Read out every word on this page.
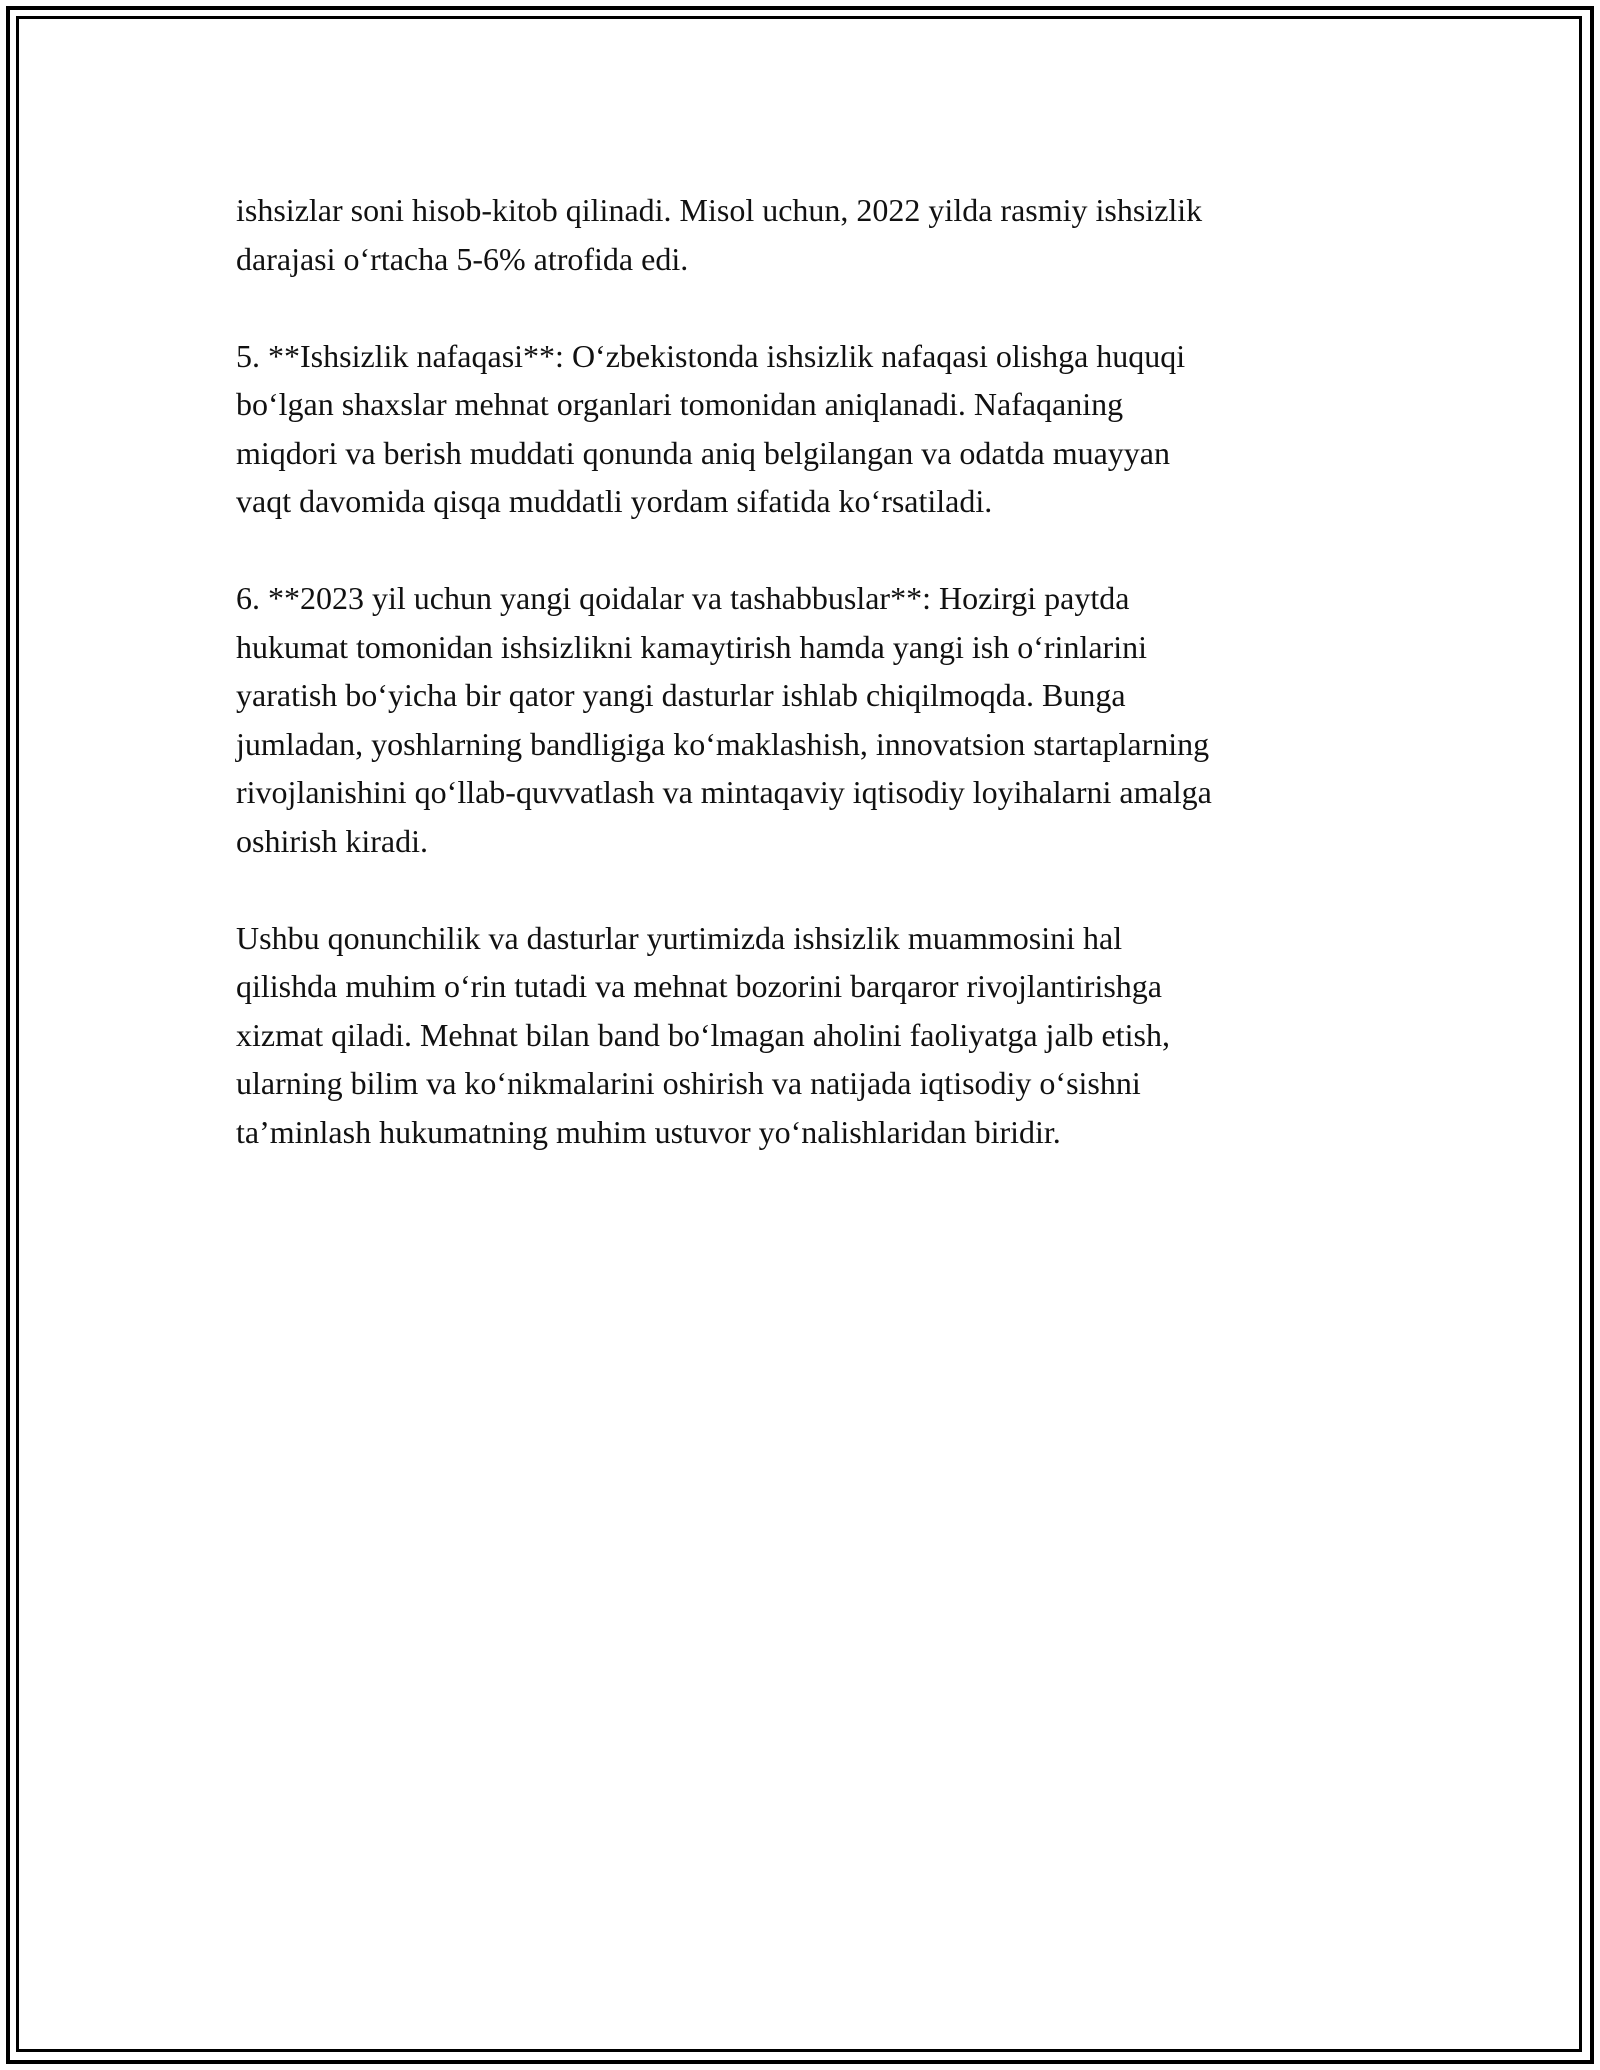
ishsizlar soni hisob-kitob qilinadi. Misol uchun, 2022 yilda rasmiy ishsizlik
darajasi o‘rtacha 5-6% atrofida edi.

5. **Ishsizlik nafaqasi**: O‘zbekistonda ishsizlik nafaqasi olishga huquqi
bo‘lgan shaxslar mehnat organlari tomonidan aniqlanadi. Nafaqaning
miqdori va berish muddati qonunda aniq belgilangan va odatda muayyan
vaqt davomida qisqa muddatli yordam sifatida ko‘rsatiladi.

6. **2023 yil uchun yangi qoidalar va tashabbuslar**: Hozirgi paytda
hukumat tomonidan ishsizlikni kamaytirish hamda yangi ish o‘rinlarini
yaratish bo‘yicha bir qator yangi dasturlar ishlab chiqilmoqda. Bunga
jumladan, yoshlarning bandligiga ko‘maklashish, innovatsion startaplarning
rivojlanishini qo‘llab-quvvatlash va mintaqaviy iqtisodiy loyihalarni amalga
oshirish kiradi.

Ushbu qonunchilik va dasturlar yurtimizda ishsizlik muammosini hal
qilishda muhim o‘rin tutadi va mehnat bozorini barqaror rivojlantirishga
xizmat qiladi. Mehnat bilan band bo‘lmagan aholini faoliyatga jalb etish,
ularning bilim va ko‘nikmalarini oshirish va natijada iqtisodiy o‘sishni
ta’minlash hukumatning muhim ustuvor yo‘nalishlaridan biridir.
